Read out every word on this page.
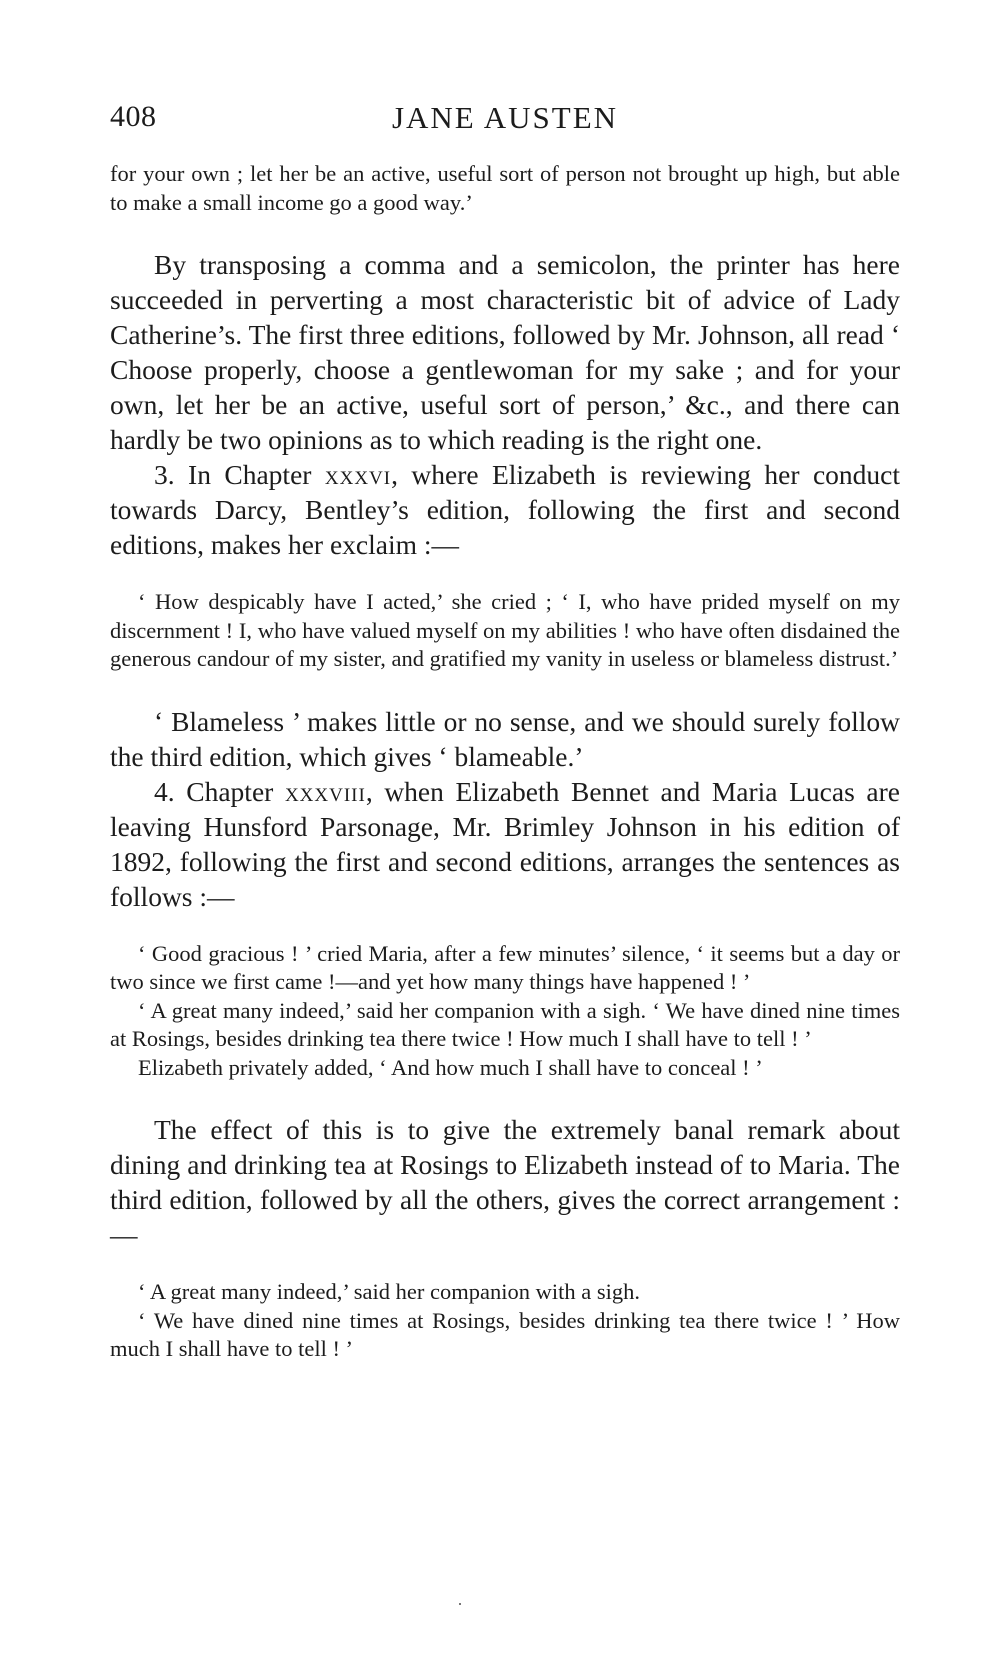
408	JANE AUSTEN

for your own ; let her be an active, useful sort of person not brought up high, but able to make a small income go a good way.’

By transposing a comma and a semicolon, the printer has here succeeded in perverting a most characteristic bit of advice of Lady Catherine’s. The first three editions, followed by Mr. Johnson, all read ‘ Choose properly, choose a gentlewoman for my sake ; and for your own, let her be an active, useful sort of person,’ &c., and there can hardly be two opinions as to which reading is the right one.

3. In Chapter xxxvi, where Elizabeth is reviewing her conduct towards Darcy, Bentley’s edition, following the first and second editions, makes her exclaim :—

‘ How despicably have I acted,’ she cried ; ‘ I, who have prided myself on my discernment ! I, who have valued myself on my abilities ! who have often disdained the generous candour of my sister, and gratified my vanity in useless or blameless distrust.’

‘ Blameless ’ makes little or no sense, and we should surely follow the third edition, which gives ‘ blameable.’

4. Chapter xxxviii, when Elizabeth Bennet and Maria Lucas are leaving Hunsford Parsonage, Mr. Brimley Johnson in his edition of 1892, following the first and second editions, arranges the sentences as follows :—

‘ Good gracious ! ’ cried Maria, after a few minutes’ silence, ‘ it seems but a day or two since we first came !—and yet how many things have happened ! ’

‘ A great many indeed,’ said her companion with a sigh. ‘ We have dined nine times at Rosings, besides drinking tea there twice ! How much I shall have to tell ! ’

Elizabeth privately added, ‘ And how much I shall have to conceal ! ’

The effect of this is to give the extremely banal remark about dining and drinking tea at Rosings to Elizabeth instead of to Maria. The third edition, followed by all the others, gives the correct arrangement :—

‘ A great many indeed,’ said her companion with a sigh.

‘ We have dined nine times at Rosings, besides drinking tea there twice ! ’ How much I shall have to tell ! ’
